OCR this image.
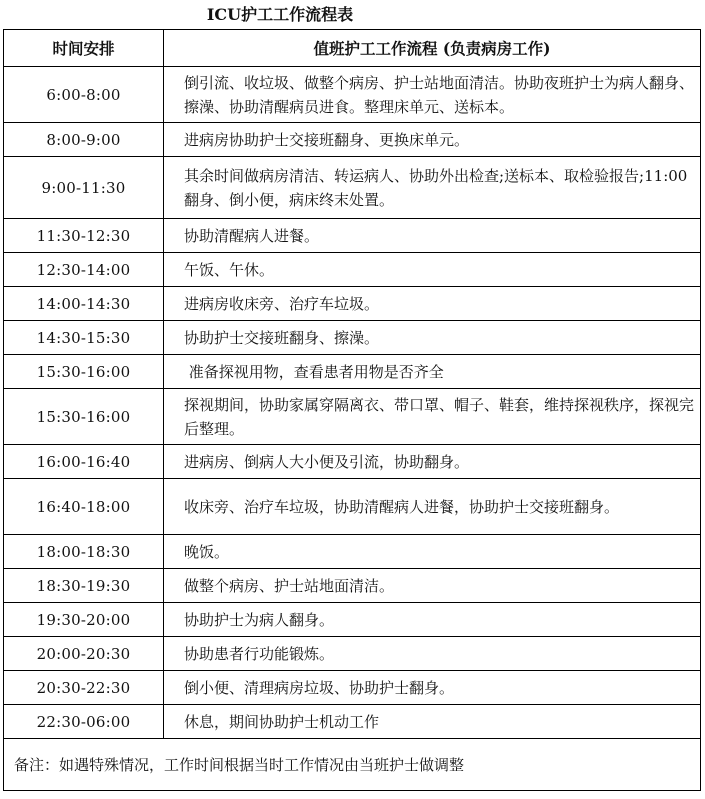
ICU护工工作流程表
时间安排	值班护工工作流程 (负责病房工作)
6:00-8:00	倒引流、收垃圾、做整个病房、护士站地面清洁。协助夜班护士为病人翻身、擦澡、协助清醒病员进食。整理床单元、送标本。
8:00-9:00	进病房协助护士交接班翻身、更换床单元。
9:00-11:30	其余时间做病房清洁、转运病人、协助外出检查;送标本、取检验报告;11:00翻身、倒小便，病床终末处置。
11:30-12:30	协助清醒病人进餐。
12:30-14:00	午饭、午休。
14:00-14:30	进病房收床旁、治疗车垃圾。
14:30-15:30	协助护士交接班翻身、擦澡。
15:30-16:00	准备探视用物，查看患者用物是否齐全
15:30-16:00	探视期间，协助家属穿隔离衣、带口罩、帽子、鞋套，维持探视秩序，探视完后整理。
16:00-16:40	进病房、倒病人大小便及引流，协助翻身。
16:40-18:00	收床旁、治疗车垃圾，协助清醒病人进餐，协助护士交接班翻身。
18:00-18:30	晚饭。
18:30-19:30	做整个病房、护士站地面清洁。
19:30-20:00	协助护士为病人翻身。
20:00-20:30	协助患者行功能锻炼。
20:30-22:30	倒小便、清理病房垃圾、协助护士翻身。
22:30-06:00	休息，期间协助护士机动工作
备注：如遇特殊情况，工作时间根据当时工作情况由当班护士做调整	
